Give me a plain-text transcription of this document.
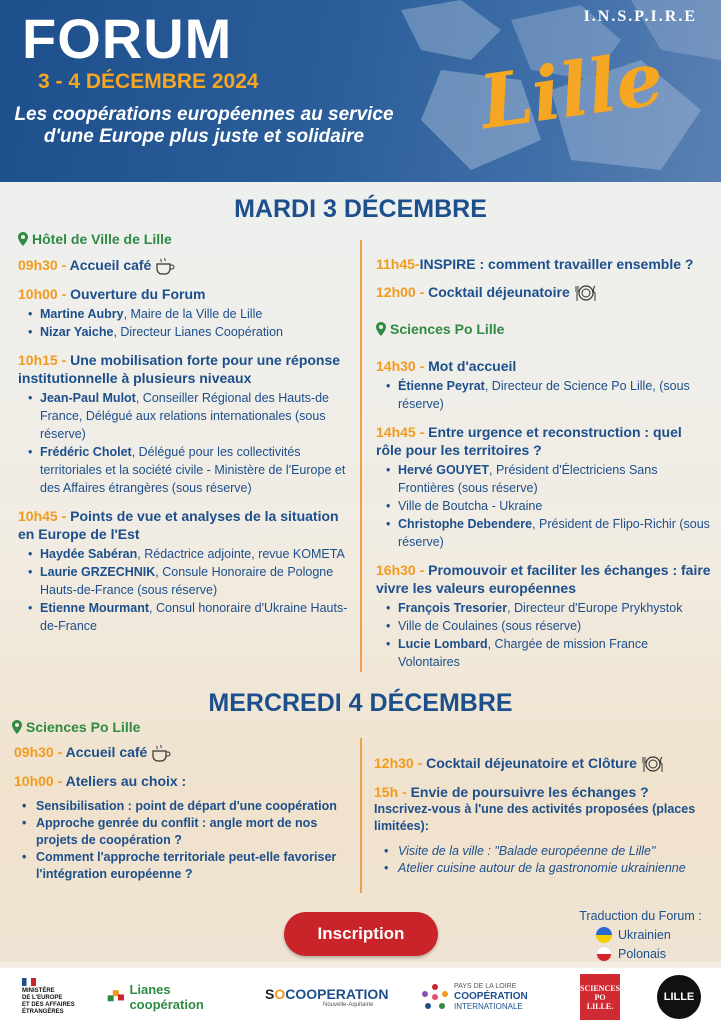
FORUM
3 - 4 DÉCEMBRE 2024
Les coopérations européennes au service d'une Europe plus juste et solidaire
I.N.S.P.I.R.E
Lille
MARDI 3 DÉCEMBRE
Hôtel de Ville de Lille
09h30 - Accueil café
10h00 - Ouverture du Forum
• Martine Aubry, Maire de la Ville de Lille
• Nizar Yaiche, Directeur Lianes Coopération
10h15 - Une mobilisation forte pour une réponse institutionnelle à plusieurs niveaux
• Jean-Paul Mulot, Conseiller Régional des Hauts-de France, Délégué aux relations internationales (sous réserve)
• Frédéric Cholet, Délégué pour les collectivités territoriales et la société civile - Ministère de l'Europe et des Affaires étrangères (sous réserve)
10h45 - Points de vue et analyses de la situation en Europe de l'Est
• Haydée Sabéran, Rédactrice adjointe, revue KOMETA
• Laurie GRZECHNIK, Consule Honoraire de Pologne Hauts-de-France (sous réserve)
• Etienne Mourmant, Consul honoraire d'Ukraine Hauts-de-France
11h45-INSPIRE : comment travailler ensemble ?
12h00 - Cocktail déjeunatoire
Sciences Po Lille
14h30 - Mot d'accueil
• Étienne Peyrat, Directeur de Science Po Lille, (sous réserve)
14h45 - Entre urgence et reconstruction : quel rôle pour les territoires ?
• Hervé GOUYET, Président d'Électriciens Sans Frontières (sous réserve)
• Ville de Boutcha - Ukraine
• Christophe Debendere, Président de Flipo-Richir (sous réserve)
16h30 - Promouvoir et faciliter les échanges : faire vivre les valeurs européennes
• François Tresorier, Directeur d'Europe Prykhystok
• Ville de Coulaines (sous réserve)
• Lucie Lombard, Chargée de mission France Volontaires
MERCREDI 4 DÉCEMBRE
Sciences Po Lille
09h30 - Accueil café
10h00 - Ateliers au choix :
• Sensibilisation : point de départ d'une coopération
• Approche genrée du conflit : angle mort de nos projets de coopération ?
• Comment l'approche territoriale peut-elle favoriser l'intégration européenne ?
12h30 - Cocktail déjeunatoire et Clôture
15h - Envie de poursuivre les échanges ?
Inscrivez-vous à l'une des activités proposées (places limitées):
• Visite de la ville : "Balade européenne de Lille"
• Atelier cuisine autour de la gastronomie ukrainienne
Inscription
Traduction du Forum :
Ukrainien
Polonais
MINISTÈRE
DE L'EUROPE
ET DES AFFAIRES
ÉTRANGÈRES
Lianes coopération
SOCOOPERATION
Nouvelle-Aquitaine
PAYS DE LA LOIRE
COOPÉRATION
INTERNATIONALE
SCIENCES
PO
LILLE.
LILLE
